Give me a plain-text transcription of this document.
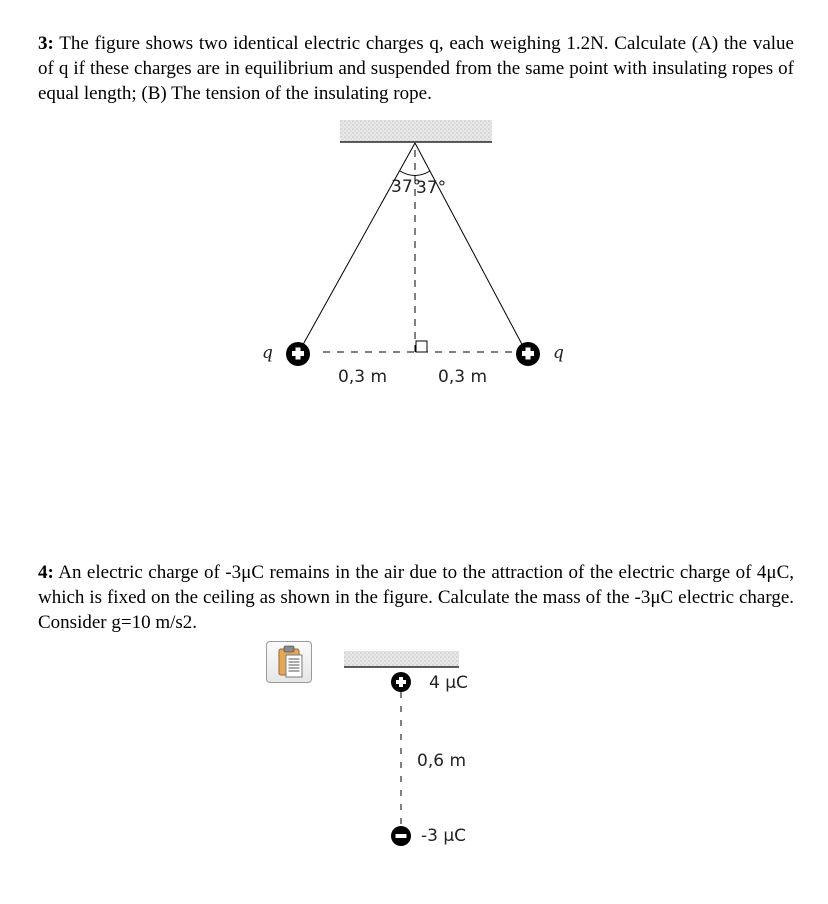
3: The figure shows two identical electric charges q, each weighing 1.2N. Calculate (A) the value of q if these charges are in equilibrium and suspended from the same point with insulating ropes of equal length; (B) The tension of the insulating rope.
37°
37°
q	q
0,3 m	0,3 m
4: An electric charge of -3μC remains in the air due to the attraction of the electric charge of 4μC, which is fixed on the ceiling as shown in the figure. Calculate the mass of the -3μC electric charge. Consider g=10 m/s2.
4 μC
0,6 m
-3 μC
